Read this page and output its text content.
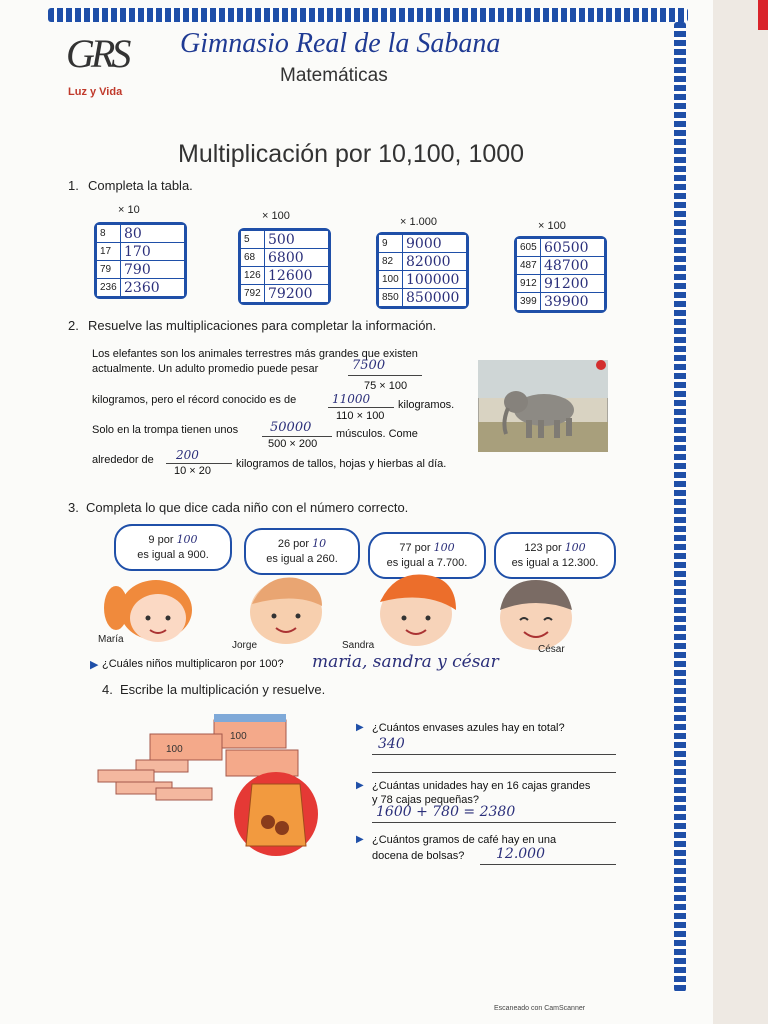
GRS
Luz y Vida
Gimnasio Real de la Sabana
Matemáticas
Multiplicación por 10,100, 1000
1. Completa la tabla.
× 10
8	80
17	170
79	790
236	2360
× 100
5	500
68	6800
126	12600
792	79200
× 1.000
9	9000
82	82000
100	100000
850	850000
× 100
605	60500
487	48700
912	91200
399	39900
2. Resuelve las multiplicaciones para completar la información.
Los elefantes son los animales terrestres más grandes que existen
actualmente. Un adulto promedio puede pesar	7500
75 × 100
kilogramos, pero el récord conocido es de	11000
110 × 100
kilogramos.
Solo en la trompa tienen unos 50000
500 × 200
músculos. Come
alrededor de 200
10 × 20
kilogramos de tallos, hojas y hierbas al día.
3. Completa lo que dice cada niño con el número correcto.
9 por 100
es igual a 900.
26 por 10
es igual a 260.
77 por 100
es igual a 7.700.
123 por 100
es igual a 12.300.
María
Jorge	Sandra	César
▶ ¿Cuáles niños multiplicaron por 100? maria, sandra y césar
4. Escribe la multiplicación y resuelve.
100
100
▶ ¿Cuántos envases azules hay en total?
340
▶ ¿Cuántas unidades hay en 16 cajas grandes
y 78 cajas pequeñas?
1600 + 780 = 2380
▶ ¿Cuántos gramos de café hay en una
docena de bolsas? 12.000
Escaneado con CamScanner
